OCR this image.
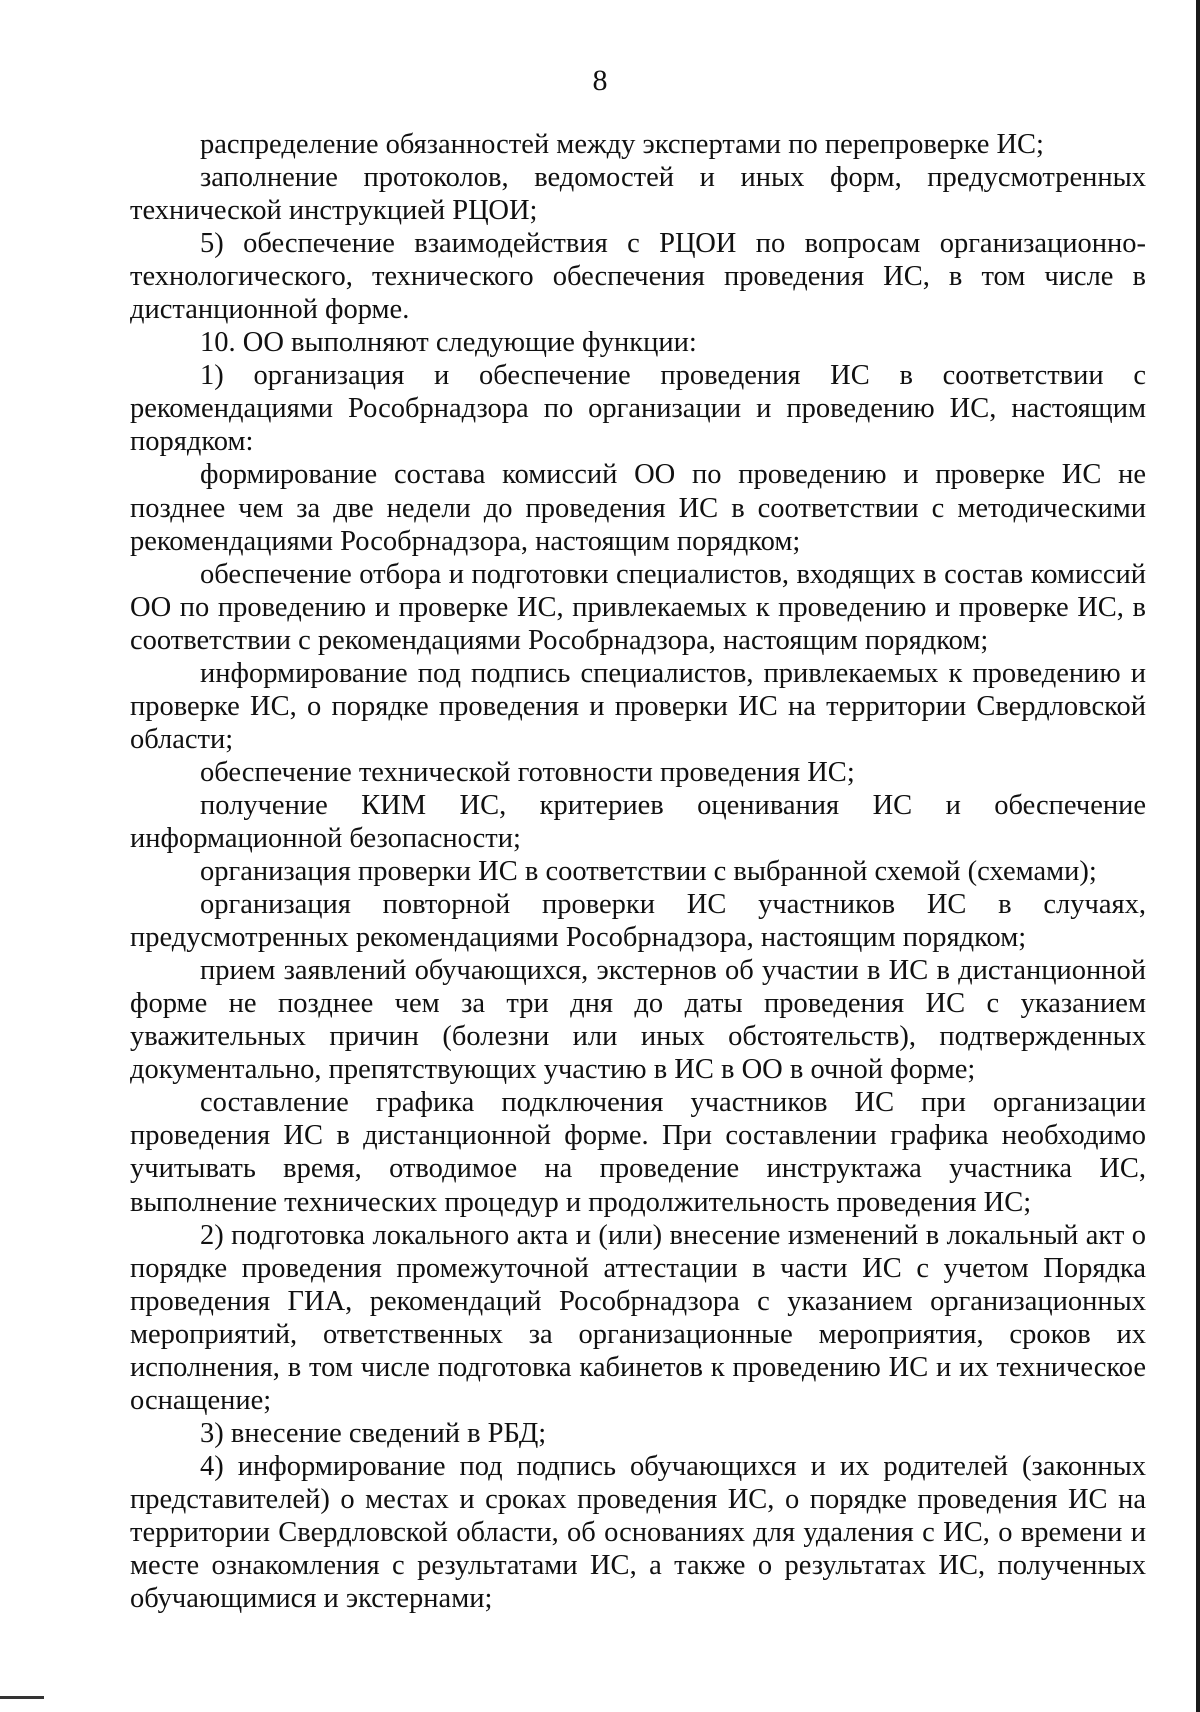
8

распределение обязанностей между экспертами по перепроверке ИС;

заполнение протоколов, ведомостей и иных форм, предусмотренных технической инструкцией РЦОИ;

5) обеспечение взаимодействия с РЦОИ по вопросам организационно-технологического, технического обеспечения проведения ИС, в том числе в дистанционной форме.

10. ОО выполняют следующие функции:

1) организация и обеспечение проведения ИС в соответствии с рекомендациями Рособрнадзора по организации и проведению ИС, настоящим порядком:

формирование состава комиссий ОО по проведению и проверке ИС не позднее чем за две недели до проведения ИС в соответствии с методическими рекомендациями Рособрнадзора, настоящим порядком;

обеспечение отбора и подготовки специалистов, входящих в состав комиссий ОО по проведению и проверке ИС, привлекаемых к проведению и проверке ИС, в соответствии с рекомендациями Рособрнадзора, настоящим порядком;

информирование под подпись специалистов, привлекаемых к проведению и проверке ИС, о порядке проведения и проверки ИС на территории Свердловской области;

обеспечение технической готовности проведения ИС;

получение КИМ ИС, критериев оценивания ИС и обеспечение информационной безопасности;

организация проверки ИС в соответствии с выбранной схемой (схемами);

организация повторной проверки ИС участников ИС в случаях, предусмотренных рекомендациями Рособрнадзора, настоящим порядком;

прием заявлений обучающихся, экстернов об участии в ИС в дистанционной форме не позднее чем за три дня до даты проведения ИС с указанием уважительных причин (болезни или иных обстоятельств), подтвержденных документально, препятствующих участию в ИС в ОО в очной форме;

составление графика подключения участников ИС при организации проведения ИС в дистанционной форме. При составлении графика необходимо учитывать время, отводимое на проведение инструктажа участника ИС, выполнение технических процедур и продолжительность проведения ИС;

2) подготовка локального акта и (или) внесение изменений в локальный акт о порядке проведения промежуточной аттестации в части ИС с учетом Порядка проведения ГИА, рекомендаций Рособрнадзора с указанием организационных мероприятий, ответственных за организационные мероприятия, сроков их исполнения, в том числе подготовка кабинетов к проведению ИС и их техническое оснащение;

3) внесение сведений в РБД;

4) информирование под подпись обучающихся и их родителей (законных представителей) о местах и сроках проведения ИС, о порядке проведения ИС на территории Свердловской области, об основаниях для удаления с ИС, о времени и месте ознакомления с результатами ИС, а также о результатах ИС, полученных обучающимися и экстернами;
